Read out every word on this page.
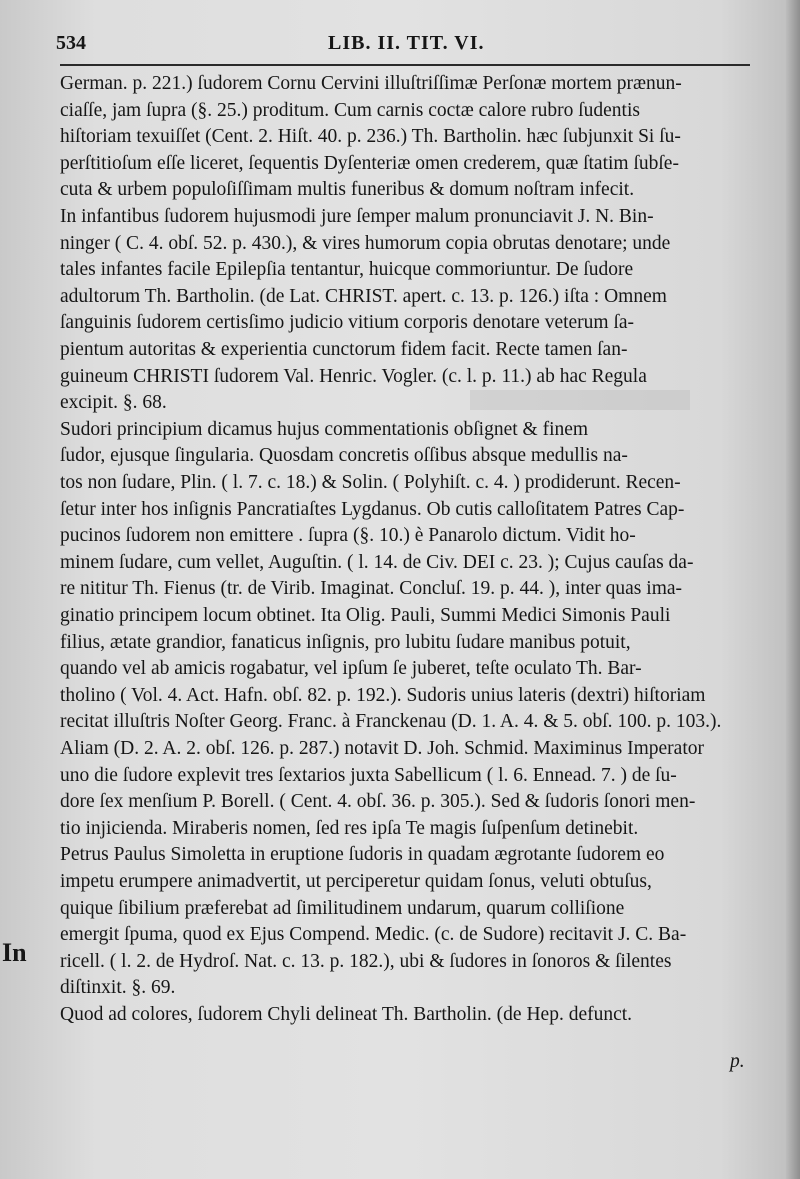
534	LIB. II. TIT. VI.
In
German. p. 221.) ſudorem Cornu Cervini illuſtriſſimæ Perſonæ mortem prænun-
ciaſſe, jam ſupra (§. 25.) proditum. Cum carnis coctæ calore rubro ſudentis
hiſtoriam texuiſſet (Cent. 2. Hiſt. 40. p. 236.) Th. Bartholin. hæc ſubjunxit Si ſu-
perſtitioſum eſſe liceret, ſequentis Dyſenteriæ omen crederem, quæ ſtatim ſubſe-
cuta & urbem populoſiſſimam multis funeribus & domum noſtram infecit.
In infantibus ſudorem hujusmodi jure ſemper malum pronunciavit J. N. Bin-
ninger ( C. 4. obſ. 52. p. 430.), & vires humorum copia obrutas denotare; unde
tales infantes facile Epilepſia tentantur, huicque commoriuntur. De ſudore
adultorum Th. Bartholin. (de Lat. CHRIST. apert. c. 13. p. 126.) iſta : Omnem
ſanguinis ſudorem certisſimo judicio vitium corporis denotare veterum ſa-
pientum autoritas & experientia cunctorum fidem facit. Recte tamen ſan-
guineum CHRISTI ſudorem Val. Henric. Vogler. (c. l. p. 11.) ab hac Regula
excipit. §. 68.
Sudori principium dicamus hujus commentationis obſignet & finem
ſudor, ejusque ſingularia. Quosdam concretis oſſibus absque medullis na-
tos non ſudare, Plin. ( l. 7. c. 18.) & Solin. ( Polyhiſt. c. 4. ) prodiderunt. Recen-
ſetur inter hos inſignis Pancratiaſtes Lygdanus. Ob cutis calloſitatem Patres Cap-
pucinos ſudorem non emittere . ſupra (§. 10.) è Panarolo dictum. Vidit ho-
minem ſudare, cum vellet, Auguſtin. ( l. 14. de Civ. DEI c. 23. ); Cujus cauſas da-
re nititur Th. Fienus (tr. de Virib. Imaginat. Concluſ. 19. p. 44. ), inter quas ima-
ginatio principem locum obtinet. Ita Olig. Pauli, Summi Medici Simonis Pauli
filius, ætate grandior, fanaticus inſignis, pro lubitu ſudare manibus potuit,
quando vel ab amicis rogabatur, vel ipſum ſe juberet, teſte oculato Th. Bar-
tholino ( Vol. 4. Act. Hafn. obſ. 82. p. 192.). Sudoris unius lateris (dextri) hiſtoriam
recitat illuſtris Noſter Georg. Franc. à Franckenau (D. 1. A. 4. & 5. obſ. 100. p. 103.).
Aliam (D. 2. A. 2. obſ. 126. p. 287.) notavit D. Joh. Schmid. Maximinus Imperator
uno die ſudore explevit tres ſextarios juxta Sabellicum ( l. 6. Ennead. 7. ) de ſu-
dore ſex menſium P. Borell. ( Cent. 4. obſ. 36. p. 305.). Sed & ſudoris ſonori men-
tio injicienda. Miraberis nomen, ſed res ipſa Te magis ſuſpenſum detinebit.
Petrus Paulus Simoletta in eruptione ſudoris in quadam ægrotante ſudorem eo
impetu erumpere animadvertit, ut perciperetur quidam ſonus, veluti obtuſus,
quique ſibilium præferebat ad ſimilitudinem undarum, quarum colliſione
emergit ſpuma, quod ex Ejus Compend. Medic. (c. de Sudore) recitavit J. C. Ba-
ricell. ( l. 2. de Hydroſ. Nat. c. 13. p. 182.), ubi & ſudores in ſonoros & ſilentes
diſtinxit. §. 69.
Quod ad colores, ſudorem Chyli delineat Th. Bartholin. (de Hep. defunct.
p.
